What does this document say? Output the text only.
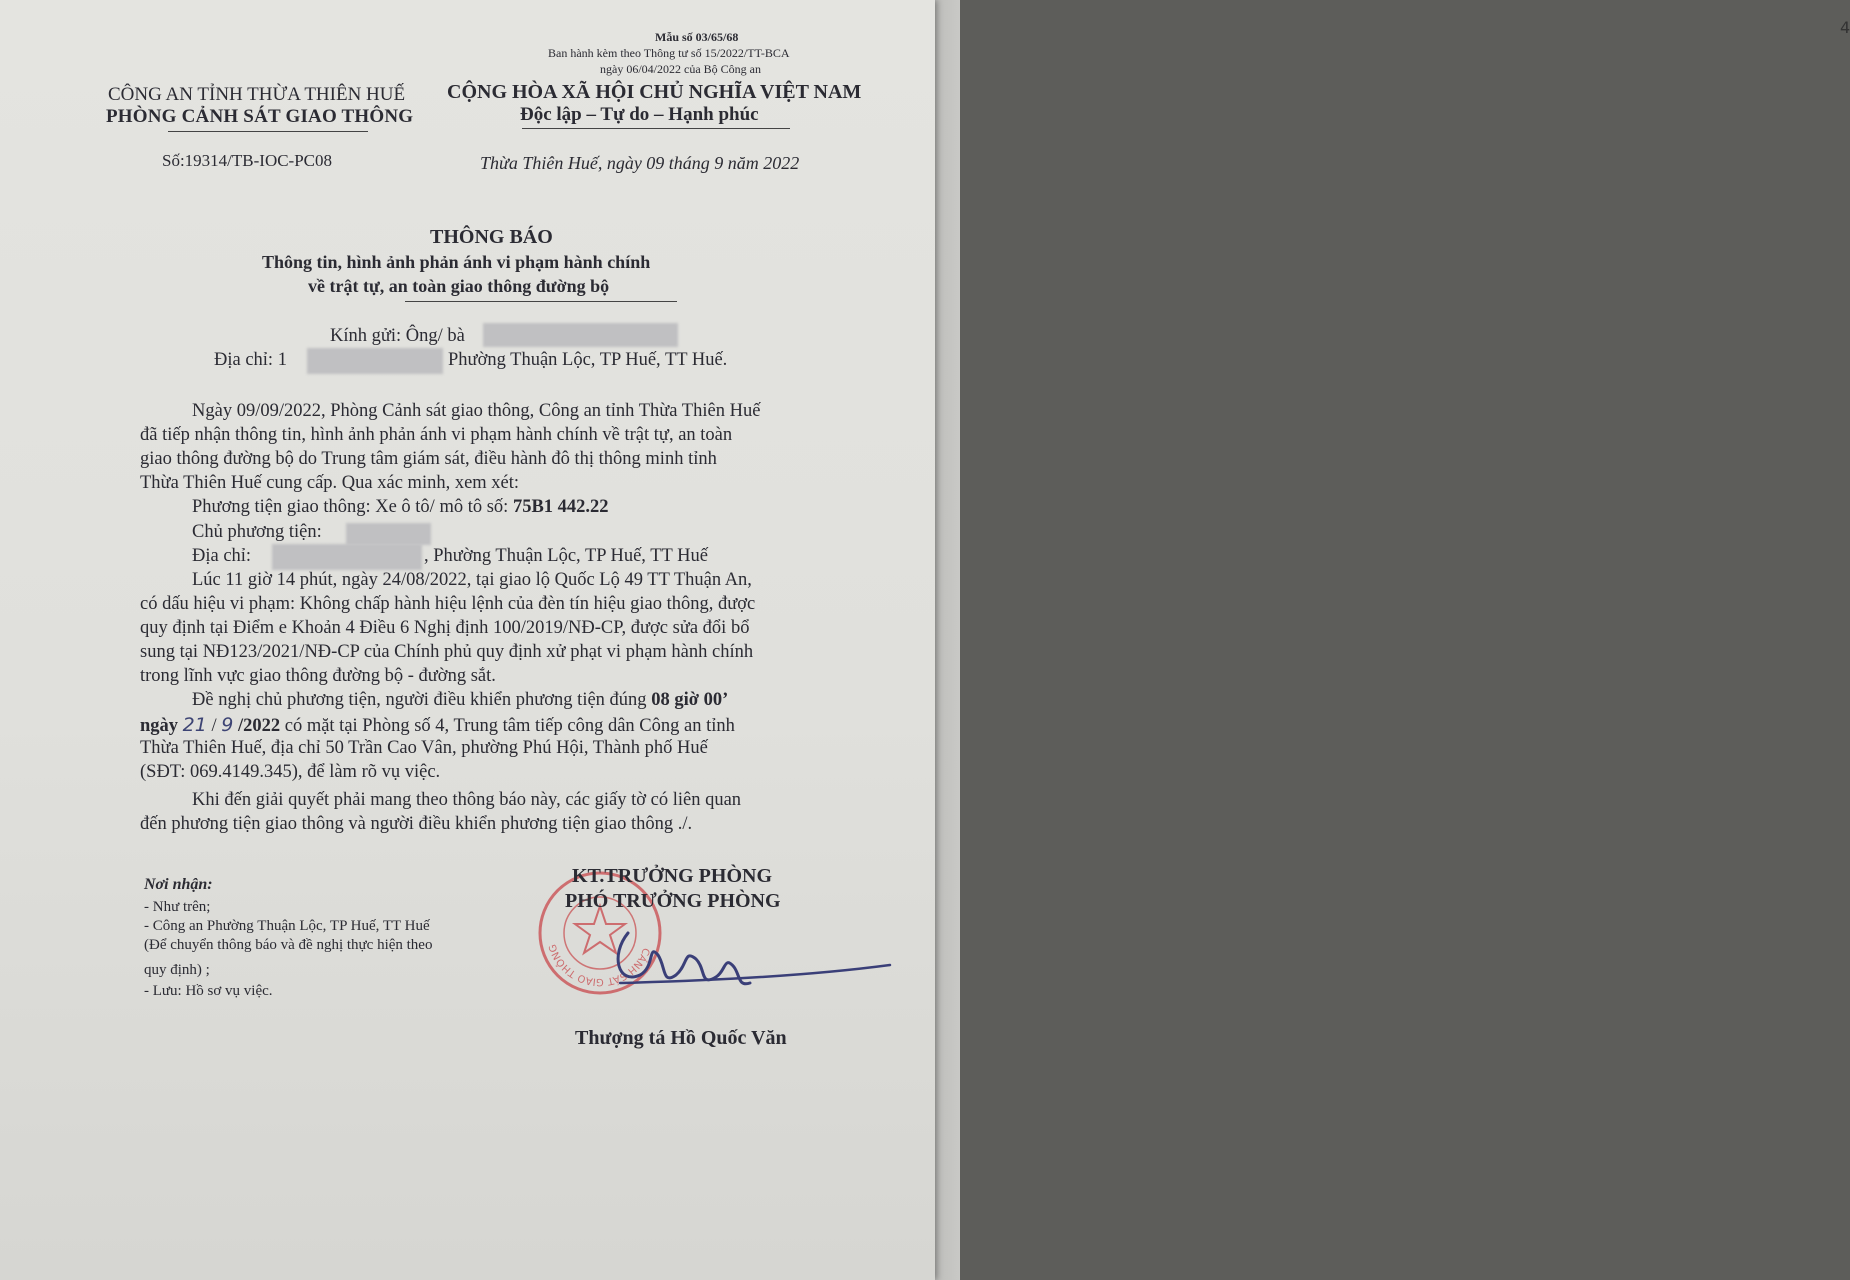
4
Mẫu số 03/65/68
Ban hành kèm theo Thông tư số 15/2022/TT-BCA
ngày 06/04/2022 của Bộ Công an
CÔNG AN TỈNH THỪA THIÊN HUẾ
PHÒNG CẢNH SÁT GIAO THÔNG
CỘNG HÒA XÃ HỘI CHỦ NGHĨA VIỆT NAM
Độc lập – Tự do – Hạnh phúc
Số:19314/TB-IOC-PC08	Thừa Thiên Huế, ngày 09 tháng 9 năm 2022
THÔNG BÁO
Thông tin, hình ảnh phản ánh vi phạm hành chính
về trật tự, an toàn giao thông đường bộ
Kính gửi: Ông/ bà
Địa chỉ: 1	Phường Thuận Lộc, TP Huế, TT Huế.
Ngày 09/09/2022, Phòng Cảnh sát giao thông, Công an tỉnh Thừa Thiên Huế
đã tiếp nhận thông tin, hình ảnh phản ánh vi phạm hành chính về trật tự, an toàn
giao thông đường bộ do Trung tâm giám sát, điều hành đô thị thông minh tỉnh
Thừa Thiên Huế cung cấp. Qua xác minh, xem xét:
Phương tiện giao thông: Xe ô tô/ mô tô số: 75B1 442.22
Chủ phương tiện:
Địa chỉ:	, Phường Thuận Lộc, TP Huế, TT Huế
Lúc 11 giờ 14 phút, ngày 24/08/2022, tại giao lộ Quốc Lộ 49 TT Thuận An,
có dấu hiệu vi phạm: Không chấp hành hiệu lệnh của đèn tín hiệu giao thông, được
quy định tại Điểm e Khoản 4 Điều 6 Nghị định 100/2019/NĐ-CP, được sửa đổi bổ
sung tại NĐ123/2021/NĐ-CP của Chính phủ quy định xử phạt vi phạm hành chính
trong lĩnh vực giao thông đường bộ - đường sắt.
Đề nghị chủ phương tiện, người điều khiển phương tiện đúng 08 giờ 00’
ngày 21 / 9 /2022 có mặt tại Phòng số 4, Trung tâm tiếp công dân Công an tỉnh
Thừa Thiên Huế, địa chỉ 50 Trần Cao Vân, phường Phú Hội, Thành phố Huế
(SĐT: 069.4149.345), để làm rõ vụ việc.
Khi đến giải quyết phải mang theo thông báo này, các giấy tờ có liên quan
đến phương tiện giao thông và người điều khiển phương tiện giao thông ./.
Nơi nhận:
- Như trên;
- Công an Phường Thuận Lộc, TP Huế, TT Huế
(Để chuyển thông báo và đề nghị thực hiện theo
quy định) ;
- Lưu: Hồ sơ vụ việc.
CẢNH SÁT GIAO THÔNG
KT.TRƯỞNG PHÒNG
PHÓ TRƯỞNG PHÒNG
Thượng tá Hồ Quốc Văn
